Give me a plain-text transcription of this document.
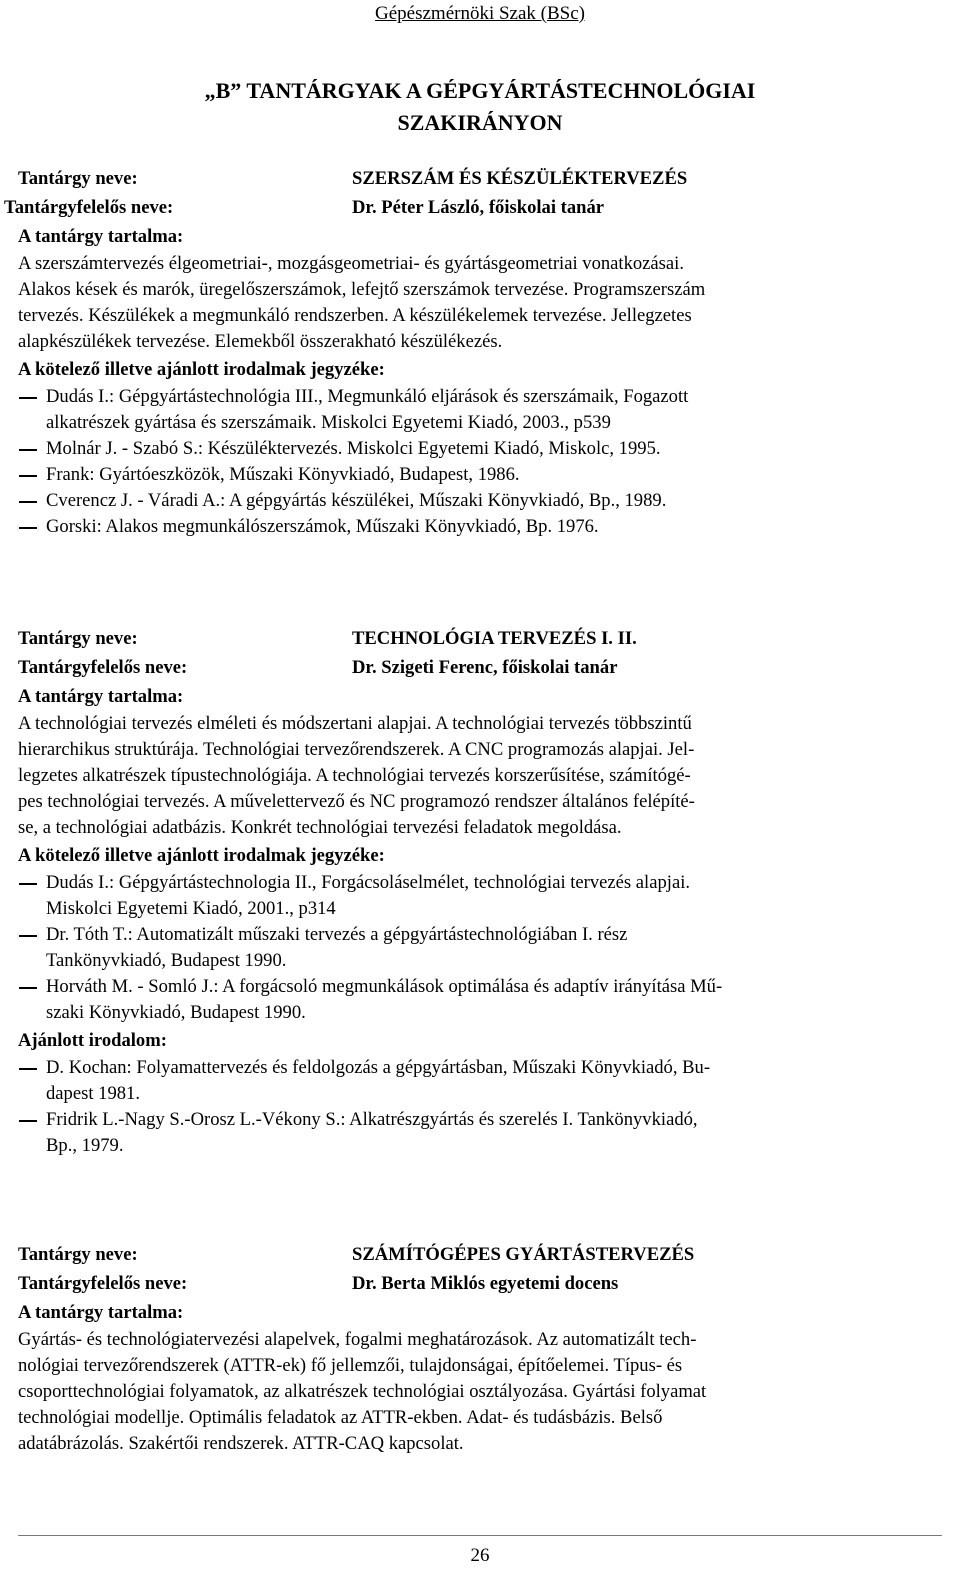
Gépészmérnöki Szak (BSc)
„B” TANTÁRGYAK A GÉPGYÁRTÁSTECHNOLÓGIAI
SZAKIRÁNYON
Tantárgy neve:	SZERSZÁM ÉS KÉSZÜLÉKTERVEZÉS
Tantárgyfelelős neve:	Dr. Péter László, főiskolai tanár
A tantárgy tartalma:
A szerszámtervezés élgeometriai-, mozgásgeometriai- és gyártásgeometriai vonatkozásai.
Alakos kések és marók, üregelőszerszámok, lefejtő szerszámok tervezése. Programszerszám
tervezés. Készülékek a megmunkáló rendszerben. A készülékelemek tervezése. Jellegzetes
alapkészülékek tervezése. Elemekből összerakható készülékezés.
A kötelező illetve ajánlott irodalmak jegyzéke:
Dudás I.: Gépgyártástechnológia III., Megmunkáló eljárások és szerszámaik, Fogazott
alkatrészek gyártása és szerszámaik. Miskolci Egyetemi Kiadó, 2003., p539
Molnár J. - Szabó S.: Készüléktervezés. Miskolci Egyetemi Kiadó, Miskolc, 1995.
Frank: Gyártóeszközök, Műszaki Könyvkiadó, Budapest, 1986.
Cverencz J. - Váradi A.: A gépgyártás készülékei, Műszaki Könyvkiadó, Bp., 1989.
Gorski: Alakos megmunkálószerszámok, Műszaki Könyvkiadó, Bp. 1976.
Tantárgy neve:	TECHNOLÓGIA TERVEZÉS I. II.
Tantárgyfelelős neve:	Dr. Szigeti Ferenc, főiskolai tanár
A tantárgy tartalma:
A technológiai tervezés elméleti és módszertani alapjai. A technológiai tervezés többszintű
hierarchikus struktúrája. Technológiai tervezőrendszerek. A CNC programozás alapjai. Jel-
legzetes alkatrészek típustechnológiája. A technológiai tervezés korszerűsítése, számítógé-
pes technológiai tervezés. A művelettervező és NC programozó rendszer általános felépíté-
se, a technológiai adatbázis. Konkrét technológiai tervezési feladatok megoldása.
A kötelező illetve ajánlott irodalmak jegyzéke:
Dudás I.: Gépgyártástechnologia II., Forgácsoláselmélet, technológiai tervezés alapjai.
Miskolci Egyetemi Kiadó, 2001., p314
Dr. Tóth T.: Automatizált műszaki tervezés a gépgyártástechnológiában I. rész
Tankönyvkiadó, Budapest 1990.
Horváth M. - Somló J.: A forgácsoló megmunkálások optimálása és adaptív irányítása Mű-
szaki Könyvkiadó, Budapest 1990.
Ajánlott irodalom:
D. Kochan: Folyamattervezés és feldolgozás a gépgyártásban, Műszaki Könyvkiadó, Bu-
dapest 1981.
Fridrik L.-Nagy S.-Orosz L.-Vékony S.: Alkatrészgyártás és szerelés I. Tankönyvkiadó,
Bp., 1979.
Tantárgy neve:	SZÁMÍTÓGÉPES GYÁRTÁSTERVEZÉS
Tantárgyfelelős neve:	Dr. Berta Miklós egyetemi docens
A tantárgy tartalma:
Gyártás- és technológiatervezési alapelvek, fogalmi meghatározások. Az automatizált tech-
nológiai tervezőrendszerek (ATTR-ek) fő jellemzői, tulajdonságai, építőelemei. Típus- és
csoporttechnológiai folyamatok, az alkatrészek technológiai osztályozása. Gyártási folyamat
technológiai modellje. Optimális feladatok az ATTR-ekben. Adat- és tudásbázis. Belső
adatábrázolás. Szakértői rendszerek. ATTR-CAQ kapcsolat.
26
